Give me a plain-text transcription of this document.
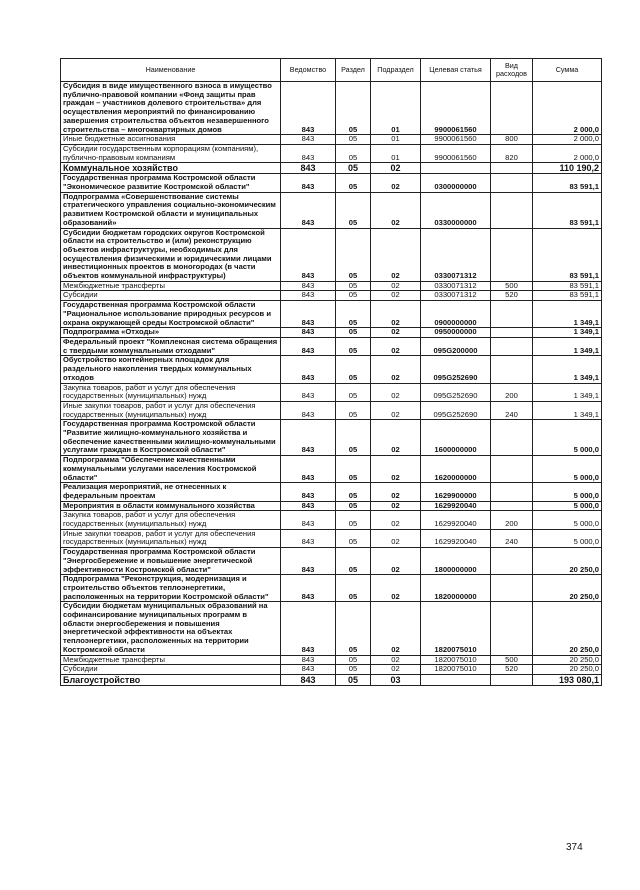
Наименование	Ведомство	Раздел	Подраздел	Целевая статья	Вид расходов	Сумма
Субсидия в виде имущественного взноса в имущество публично-правовой компании «Фонд защиты прав граждан – участников долевого строительства» для осуществления мероприятий по финансированию завершения строительства объектов незавершенного строительства – многоквартирных домов	843	05	01	9900061560		2 000,0
Иные бюджетные ассигнования	843	05	01	9900061560	800	2 000,0
Субсидии государственным корпорациям (компаниям), публично-правовым компаниям	843	05	01	9900061560	820	2 000,0
Коммунальное хозяйство	843	05	02			110 190,2
Государственная программа Костромской области "Экономическое развитие Костромской области"	843	05	02	0300000000		83 591,1
Подпрограмма «Совершенствование системы стратегического управления социально-экономическим развитием Костромской области и муниципальных образований»	843	05	02	0330000000		83 591,1
Субсидии бюджетам городских округов Костромской области на строительство и (или) реконструкцию объектов инфраструктуры, необходимых для осуществления физическими и юридическими лицами инвестиционных проектов в моногородах (в части объектов коммунальной инфраструктуры)	843	05	02	0330071312		83 591,1
Межбюджетные трансферты	843	05	02	0330071312	500	83 591,1
Субсидии	843	05	02	0330071312	520	83 591,1
Государственная программа Костромской области "Рациональное использование природных ресурсов и охрана окружающей среды Костромской области"	843	05	02	0900000000		1 349,1
Подпрограмма «Отходы»	843	05	02	0950000000		1 349,1
Федеральный проект "Комплексная система обращения с твердыми коммунальными отходами"	843	05	02	095G200000		1 349,1
Обустройство контейнерных площадок для раздельного накопления твердых коммунальных отходов	843	05	02	095G252690		1 349,1
Закупка товаров, работ и услуг для обеспечения государственных (муниципальных) нужд	843	05	02	095G252690	200	1 349,1
Иные закупки товаров, работ и услуг для обеспечения государственных (муниципальных) нужд	843	05	02	095G252690	240	1 349,1
Государственная программа Костромской области "Развитие жилищно-коммунального хозяйства и обеспечение качественными жилищно-коммунальными услугами граждан в Костромской области"	843	05	02	1600000000		5 000,0
Подпрограмма "Обеспечение качественными коммунальными услугами населения Костромской области"	843	05	02	1620000000		5 000,0
Реализация мероприятий, не отнесенных к федеральным проектам	843	05	02	1629900000		5 000,0
Мероприятия в области коммунального хозяйства	843	05	02	1629920040		5 000,0
Закупка товаров, работ и услуг для обеспечения государственных (муниципальных) нужд	843	05	02	1629920040	200	5 000,0
Иные закупки товаров, работ и услуг для обеспечения государственных (муниципальных) нужд	843	05	02	1629920040	240	5 000,0
Государственная программа Костромской области "Энергосбережение и повышение энергетической эффективности Костромской области"	843	05	02	1800000000		20 250,0
Подпрограмма "Реконструкция, модернизация и строительство объектов теплоэнергетики, расположенных на территории Костромской области"	843	05	02	1820000000		20 250,0
Субсидии бюджетам муниципальных образований на софинансирование муниципальных программ в области энергосбережения и повышения энергетической эффективности на объектах теплоэнергетики, расположенных на территории Костромской области	843	05	02	1820075010		20 250,0
Межбюджетные трансферты	843	05	02	1820075010	500	20 250,0
Субсидии	843	05	02	1820075010	520	20 250,0
Благоустройство	843	05	03			193 080,1
374
